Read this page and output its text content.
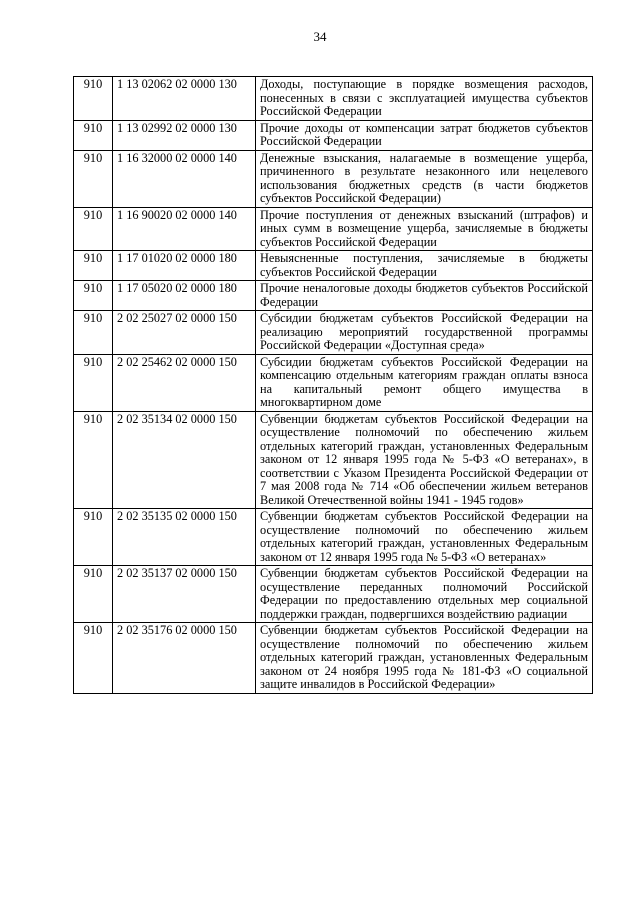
34
910	1 13 02062 02 0000 130	Доходы, поступающие в порядке возмещения расходов, понесенных в связи с эксплуатацией имущества субъектов Российской Федерации
910	1 13 02992 02 0000 130	Прочие доходы от компенсации затрат бюджетов субъектов Российской Федерации
910	1 16 32000 02 0000 140	Денежные взыскания, налагаемые в возмещение ущерба, причиненного в результате незаконного или нецелевого использования бюджетных средств (в части бюджетов субъектов Российской Федерации)
910	1 16 90020 02 0000 140	Прочие поступления от денежных взысканий (штрафов) и иных сумм в возмещение ущерба, зачисляемые в бюджеты субъектов Российской Федерации
910	1 17 01020 02 0000 180	Невыясненные поступления, зачисляемые в бюджеты субъектов Российской Федерации
910	1 17 05020 02 0000 180	Прочие неналоговые доходы бюджетов субъектов Российской Федерации
910	2 02 25027 02 0000 150	Субсидии бюджетам субъектов Российской Федерации на реализацию мероприятий государственной программы Российской Федерации «Доступная среда»
910	2 02 25462 02 0000 150	Субсидии бюджетам субъектов Российской Федерации на компенсацию отдельным категориям граждан оплаты взноса на капитальный ремонт общего имущества в многоквартирном доме
910	2 02 35134 02 0000 150	Субвенции бюджетам субъектов Российской Федерации на осуществление полномочий по обеспечению жильем отдельных категорий граждан, установленных Федеральным законом от 12 января 1995 года № 5-ФЗ «О ветеранах», в соответствии с Указом Президента Российской Федерации от 7 мая 2008 года № 714 «Об обеспечении жильем ветеранов Великой Отечественной войны 1941 - 1945 годов»
910	2 02 35135 02 0000 150	Субвенции бюджетам субъектов Российской Федерации на осуществление полномочий по обеспечению жильем отдельных категорий граждан, установленных Федеральным законом от 12 января 1995 года № 5-ФЗ «О ветеранах»
910	2 02 35137 02 0000 150	Субвенции бюджетам субъектов Российской Федерации на осуществление переданных полномочий Российской Федерации по предоставлению отдельных мер социальной поддержки граждан, подвергшихся воздействию радиации
910	2 02 35176 02 0000 150	Субвенции бюджетам субъектов Российской Федерации на осуществление полномочий по обеспечению жильем отдельных категорий граждан, установленных Федеральным законом от 24 ноября 1995 года № 181-ФЗ «О социальной защите инвалидов в Российской Федерации»
